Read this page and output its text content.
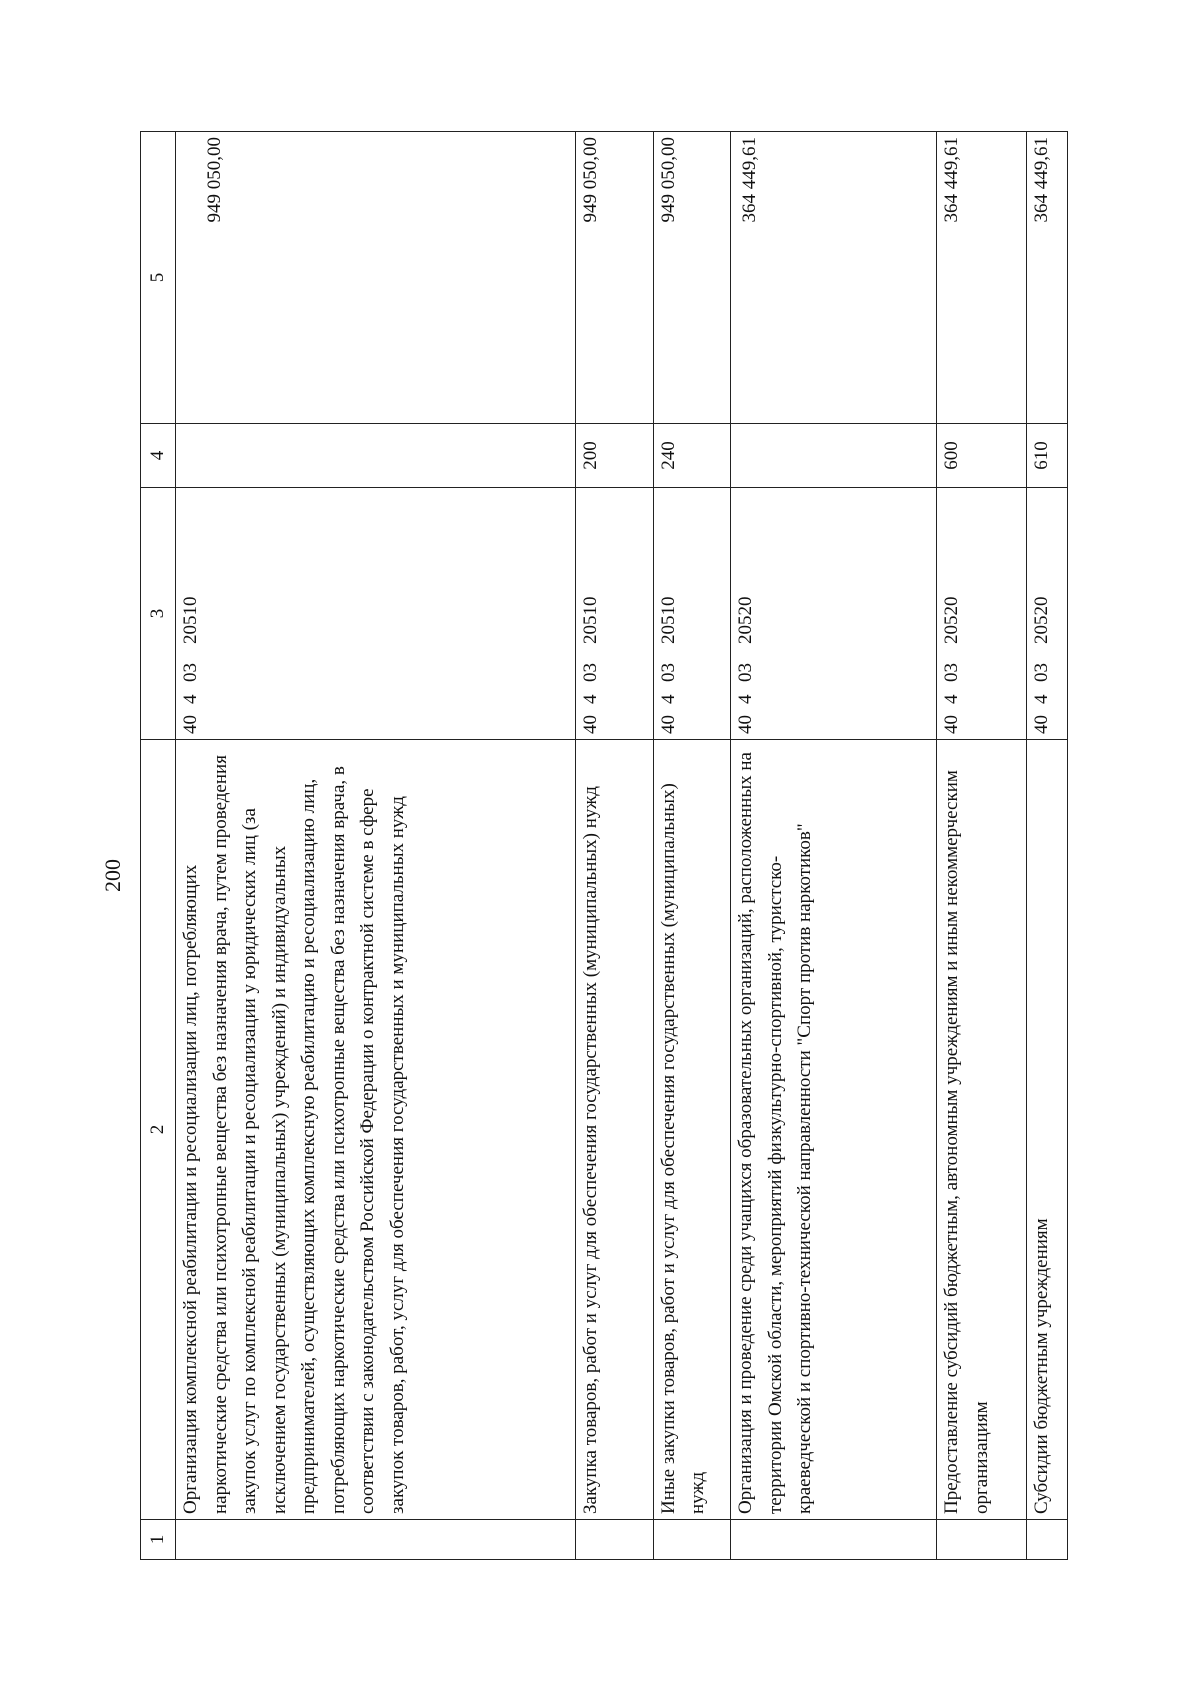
200
1	2	3	4	5
	Организация комплексной реабилитации и ресоциализации лиц, потребляющих наркотические средства или психотропные вещества без назначения врача, путем проведения закупок услуг по комплексной реабилитации и ресоциализации у юридических лиц (за исключением государственных (муниципальных) учреждений) и индивидуальных предпринимателей, осуществляющих комплексную реабилитацию и ресоциализацию лиц, потребляющих наркотические средства или психотропные вещества без назначения врача, в соответствии с законодательством Российской Федерации о контрактной системе в сфере закупок товаров, работ, услуг для обеспечения государственных и муниципальных нужд	4040320510		949 050,00
	Закупка товаров, работ и услуг для обеспечения государственных (муниципальных) нужд	4040320510	200	949 050,00
	Иные закупки товаров, работ и услуг для обеспечения государственных (муниципальных) нужд	4040320510	240	949 050,00
	Организация и проведение среди учащихся образовательных организаций, расположенных на территории Омской области, мероприятий физкультурно-спортивной, туристско-краеведческой и спортивно-технической направленности "Спорт против наркотиков"	4040320520		364 449,61
	Предоставление субсидий бюджетным, автономным учреждениям и иным некоммерческим организациям	4040320520	600	364 449,61
	Субсидии бюджетным учреждениям	4040320520	610	364 449,61
